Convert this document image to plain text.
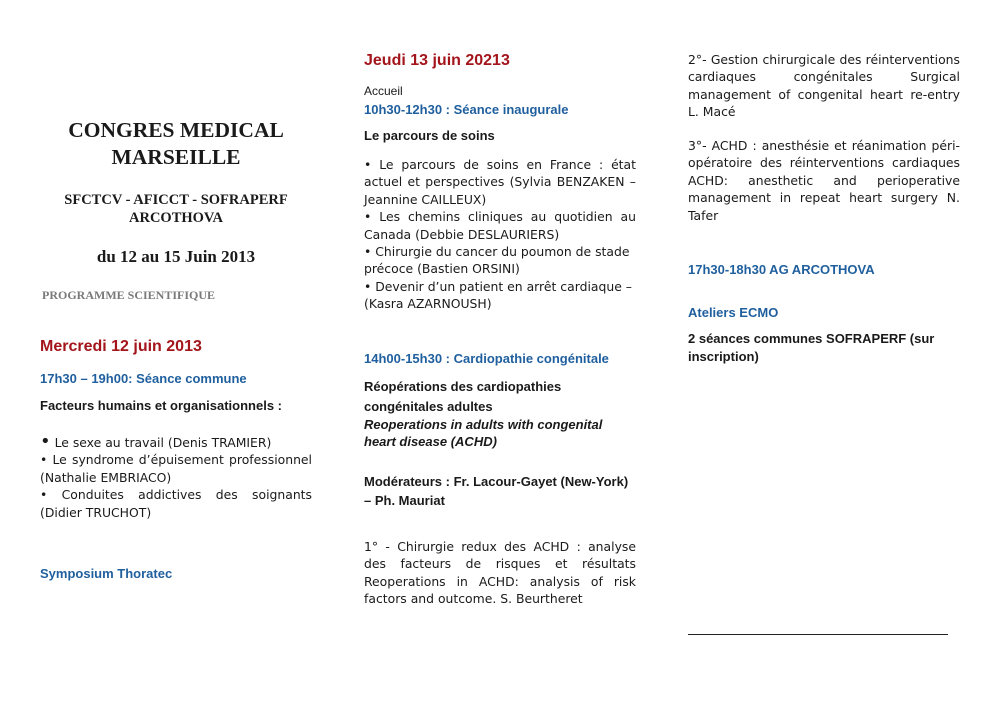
CONGRES MEDICAL
MARSEILLE
SFCTCV - AFICCT - SOFRAPERF
ARCOTHOVA
du 12 au 15 Juin 2013
PROGRAMME SCIENTIFIQUE
Mercredi 12 juin 2013
17h30 – 19h00: Séance commune
Facteurs humains et organisationnels :

• Le sexe au travail (Denis TRAMIER)

• Le syndrome d’épuisement professionnel (Nathalie EMBRIACO)

• Conduites addictives des soignants (Didier TRUCHOT)

Symposium Thoratec
Jeudi 13 juin 20213
Accueil
10h30-12h30 : Séance inaugurale
Le parcours de soins

• Le parcours de soins en France : état actuel et perspectives (Sylvia BENZAKEN – Jeannine CAILLEUX)

• Les chemins cliniques au quotidien au Canada (Debbie DESLAURIERS)

• Chirurgie du cancer du poumon de stade précoce (Bastien ORSINI)

• Devenir d’un patient en arrêt cardiaque – (Kasra AZARNOUSH)

14h00-15h30 : Cardiopathie congénitale
Réopérations des cardiopathies congénitales adultes
Reoperations in adults with congenital heart disease (ACHD)
Modérateurs : Fr. Lacour-Gayet (New-York) – Ph. Mauriat
1° - Chirurgie redux des ACHD : analyse des facteurs de risques et résultats Reoperations in ACHD: analysis of risk factors and outcome. S. Beurtheret
2°- Gestion chirurgicale des réinterventions cardiaques congénitales Surgical management of congenital heart re-entry L. Macé
3°- ACHD : anesthésie et réanimation péri-opératoire des réinterventions cardiaques ACHD: anesthetic and perioperative management in repeat heart surgery N. Tafer
17h30-18h30 AG ARCOTHOVA
Ateliers ECMO
2 séances communes SOFRAPERF (sur inscription)
